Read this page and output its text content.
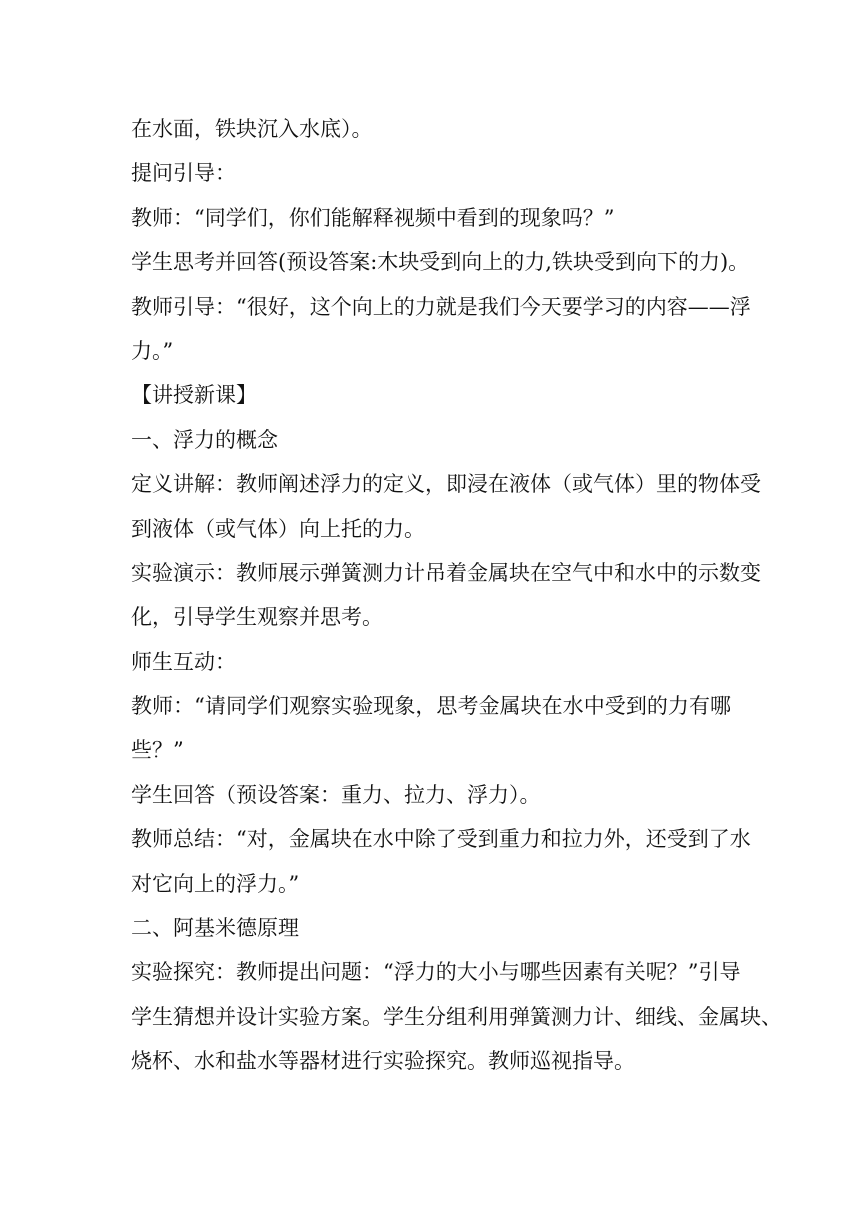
在水面，铁块沉入水底）。
提问引导：
教师：“同学们，你们能解释视频中看到的现象吗？”
学生思考并回答(预设答案:木块受到向上的力,铁块受到向下的力)。
教师引导：“很好，这个向上的力就是我们今天要学习的内容——浮
力。”
【讲授新课】
一、浮力的概念
定义讲解：教师阐述浮力的定义，即浸在液体（或气体）里的物体受
到液体（或气体）向上托的力。
实验演示：教师展示弹簧测力计吊着金属块在空气中和水中的示数变
化，引导学生观察并思考。
师生互动：
教师：“请同学们观察实验现象，思考金属块在水中受到的力有哪
些？”
学生回答（预设答案：重力、拉力、浮力）。
教师总结：“对，金属块在水中除了受到重力和拉力外，还受到了水
对它向上的浮力。”
二、阿基米德原理
实验探究：教师提出问题：“浮力的大小与哪些因素有关呢？”引导
学生猜想并设计实验方案。学生分组利用弹簧测力计、细线、金属块、
烧杯、水和盐水等器材进行实验探究。教师巡视指导。
